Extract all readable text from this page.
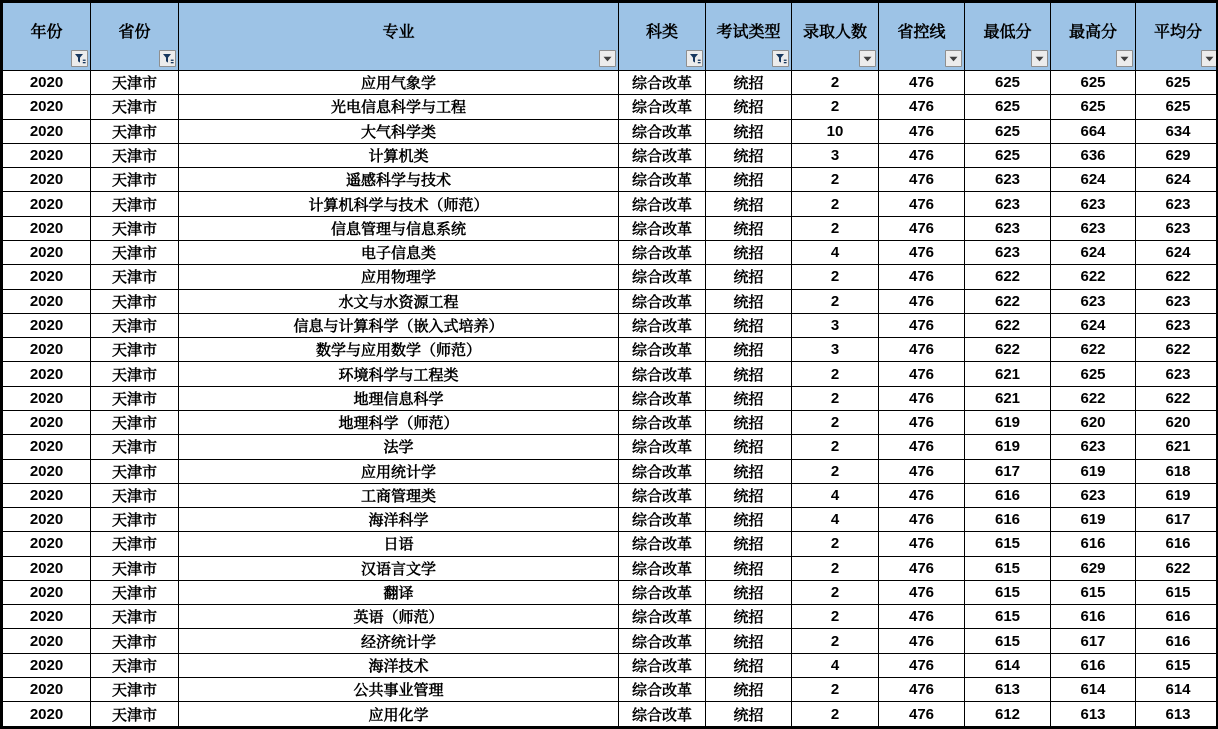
年份	省份	专业	科类	考试类型	录取人数	省控线	最低分	最高分	平均分

2020	天津市	应用气象学	综合改革	统招	2	476	625	625	625
2020	天津市	光电信息科学与工程	综合改革	统招	2	476	625	625	625
2020	天津市	大气科学类	综合改革	统招	10	476	625	664	634
2020	天津市	计算机类	综合改革	统招	3	476	625	636	629
2020	天津市	遥感科学与技术	综合改革	统招	2	476	623	624	624
2020	天津市	计算机科学与技术（师范）	综合改革	统招	2	476	623	623	623
2020	天津市	信息管理与信息系统	综合改革	统招	2	476	623	623	623
2020	天津市	电子信息类	综合改革	统招	4	476	623	624	624
2020	天津市	应用物理学	综合改革	统招	2	476	622	622	622
2020	天津市	水文与水资源工程	综合改革	统招	2	476	622	623	623
2020	天津市	信息与计算科学（嵌入式培养）	综合改革	统招	3	476	622	624	623
2020	天津市	数学与应用数学（师范）	综合改革	统招	3	476	622	622	622
2020	天津市	环境科学与工程类	综合改革	统招	2	476	621	625	623
2020	天津市	地理信息科学	综合改革	统招	2	476	621	622	622
2020	天津市	地理科学（师范）	综合改革	统招	2	476	619	620	620
2020	天津市	法学	综合改革	统招	2	476	619	623	621
2020	天津市	应用统计学	综合改革	统招	2	476	617	619	618
2020	天津市	工商管理类	综合改革	统招	4	476	616	623	619
2020	天津市	海洋科学	综合改革	统招	4	476	616	619	617
2020	天津市	日语	综合改革	统招	2	476	615	616	616
2020	天津市	汉语言文学	综合改革	统招	2	476	615	629	622
2020	天津市	翻译	综合改革	统招	2	476	615	615	615
2020	天津市	英语（师范）	综合改革	统招	2	476	615	616	616
2020	天津市	经济统计学	综合改革	统招	2	476	615	617	616
2020	天津市	海洋技术	综合改革	统招	4	476	614	616	615
2020	天津市	公共事业管理	综合改革	统招	2	476	613	614	614
2020	天津市	应用化学	综合改革	统招	2	476	612	613	613
